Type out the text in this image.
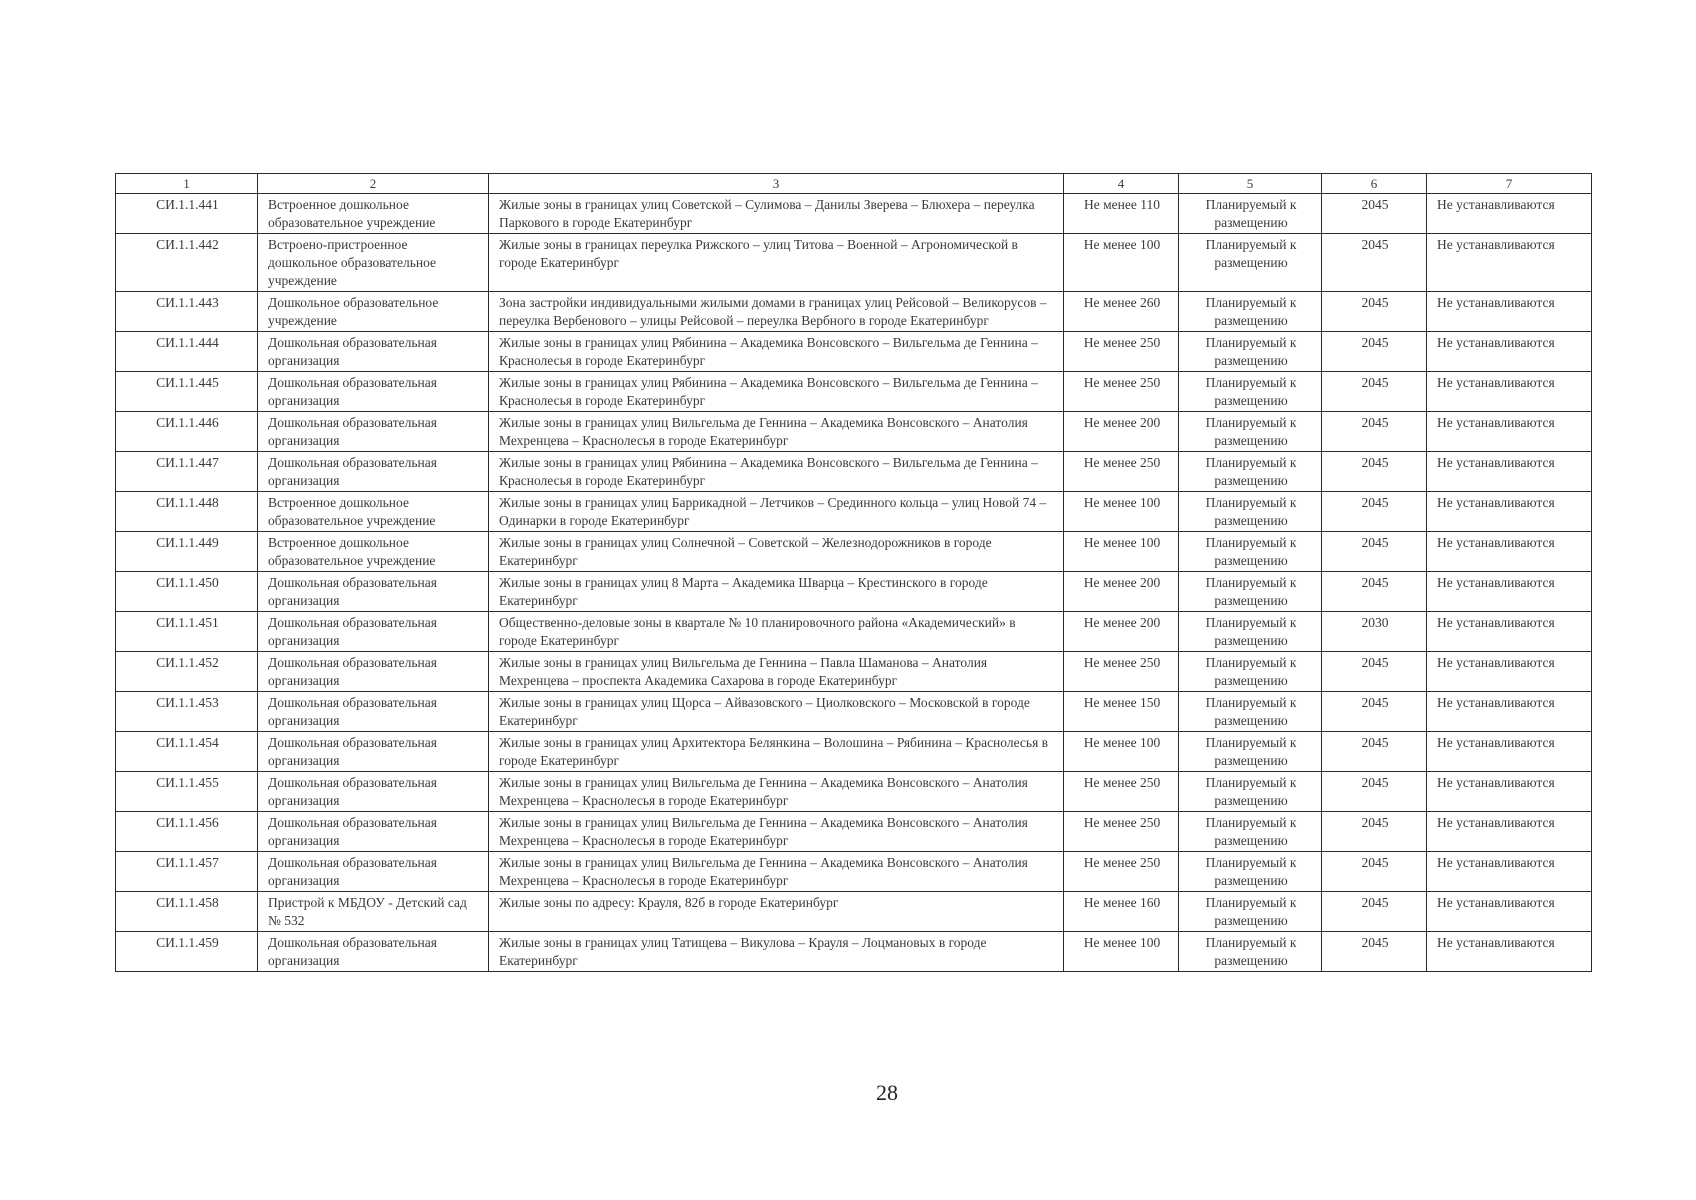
1	2	3	4	5	6	7
СИ.1.1.441	Встроенное дошкольное образовательное учреждение	Жилые зоны в границах улиц Советской – Сулимова – Данилы Зверева – Блюхера – переулка Паркового в городе Екатеринбург	Не менее 110	Планируемый к размещению	2045	Не устанавливаются
СИ.1.1.442	Встроено-пристроенное дошкольное образовательное учреждение	Жилые зоны в границах переулка Рижского – улиц Титова – Военной – Агрономической в городе Екатеринбург	Не менее 100	Планируемый к размещению	2045	Не устанавливаются
СИ.1.1.443	Дошкольное образовательное учреждение	Зона застройки индивидуальными жилыми домами в границах улиц Рейсовой – Великорусов – переулка Вербенового – улицы Рейсовой – переулка Вербного в городе Екатеринбург	Не менее 260	Планируемый к размещению	2045	Не устанавливаются
СИ.1.1.444	Дошкольная образовательная организация	Жилые зоны в границах улиц Рябинина – Академика Вонсовского – Вильгельма де Геннина – Краснолесья в городе Екатеринбург	Не менее 250	Планируемый к размещению	2045	Не устанавливаются
СИ.1.1.445	Дошкольная образовательная организация	Жилые зоны в границах улиц Рябинина – Академика Вонсовского – Вильгельма де Геннина – Краснолесья в городе Екатеринбург	Не менее 250	Планируемый к размещению	2045	Не устанавливаются
СИ.1.1.446	Дошкольная образовательная организация	Жилые зоны в границах улиц Вильгельма де Геннина – Академика Вонсовского – Анатолия Мехренцева – Краснолесья в городе Екатеринбург	Не менее 200	Планируемый к размещению	2045	Не устанавливаются
СИ.1.1.447	Дошкольная образовательная организация	Жилые зоны в границах улиц Рябинина – Академика Вонсовского – Вильгельма де Геннина – Краснолесья в городе Екатеринбург	Не менее 250	Планируемый к размещению	2045	Не устанавливаются
СИ.1.1.448	Встроенное дошкольное образовательное учреждение	Жилые зоны в границах улиц Баррикадной – Летчиков – Срединного кольца – улиц Новой 74 – Одинарки в городе Екатеринбург	Не менее 100	Планируемый к размещению	2045	Не устанавливаются
СИ.1.1.449	Встроенное дошкольное образовательное учреждение	Жилые зоны в границах улиц Солнечной – Советской – Железнодорожников в городе Екатеринбург	Не менее 100	Планируемый к размещению	2045	Не устанавливаются
СИ.1.1.450	Дошкольная образовательная организация	Жилые зоны в границах улиц 8 Марта – Академика Шварца – Крестинского в городе Екатеринбург	Не менее 200	Планируемый к размещению	2045	Не устанавливаются
СИ.1.1.451	Дошкольная образовательная организация	Общественно-деловые зоны в квартале № 10 планировочного района «Академический» в городе Екатеринбург	Не менее 200	Планируемый к размещению	2030	Не устанавливаются
СИ.1.1.452	Дошкольная образовательная организация	Жилые зоны в границах улиц Вильгельма де Геннина – Павла Шаманова – Анатолия Мехренцева – проспекта Академика Сахарова в городе Екатеринбург	Не менее 250	Планируемый к размещению	2045	Не устанавливаются
СИ.1.1.453	Дошкольная образовательная организация	Жилые зоны в границах улиц Щорса – Айвазовского – Циолковского – Московской в городе Екатеринбург	Не менее 150	Планируемый к размещению	2045	Не устанавливаются
СИ.1.1.454	Дошкольная образовательная организация	Жилые зоны в границах улиц Архитектора Белянкина – Волошина – Рябинина – Краснолесья в городе Екатеринбург	Не менее 100	Планируемый к размещению	2045	Не устанавливаются
СИ.1.1.455	Дошкольная образовательная организация	Жилые зоны в границах улиц Вильгельма де Геннина – Академика Вонсовского – Анатолия Мехренцева – Краснолесья в городе Екатеринбург	Не менее 250	Планируемый к размещению	2045	Не устанавливаются
СИ.1.1.456	Дошкольная образовательная организация	Жилые зоны в границах улиц Вильгельма де Геннина – Академика Вонсовского – Анатолия Мехренцева – Краснолесья в городе Екатеринбург	Не менее 250	Планируемый к размещению	2045	Не устанавливаются
СИ.1.1.457	Дошкольная образовательная организация	Жилые зоны в границах улиц Вильгельма де Геннина – Академика Вонсовского – Анатолия Мехренцева – Краснолесья в городе Екатеринбург	Не менее 250	Планируемый к размещению	2045	Не устанавливаются
СИ.1.1.458	Пристрой к МБДОУ - Детский сад № 532	Жилые зоны по адресу: Крауля, 82б в городе Екатеринбург	Не менее 160	Планируемый к размещению	2045	Не устанавливаются
СИ.1.1.459	Дошкольная образовательная организация	Жилые зоны в границах улиц Татищева – Викулова – Крауля – Лоцмановых в городе Екатеринбург	Не менее 100	Планируемый к размещению	2045	Не устанавливаются
28
